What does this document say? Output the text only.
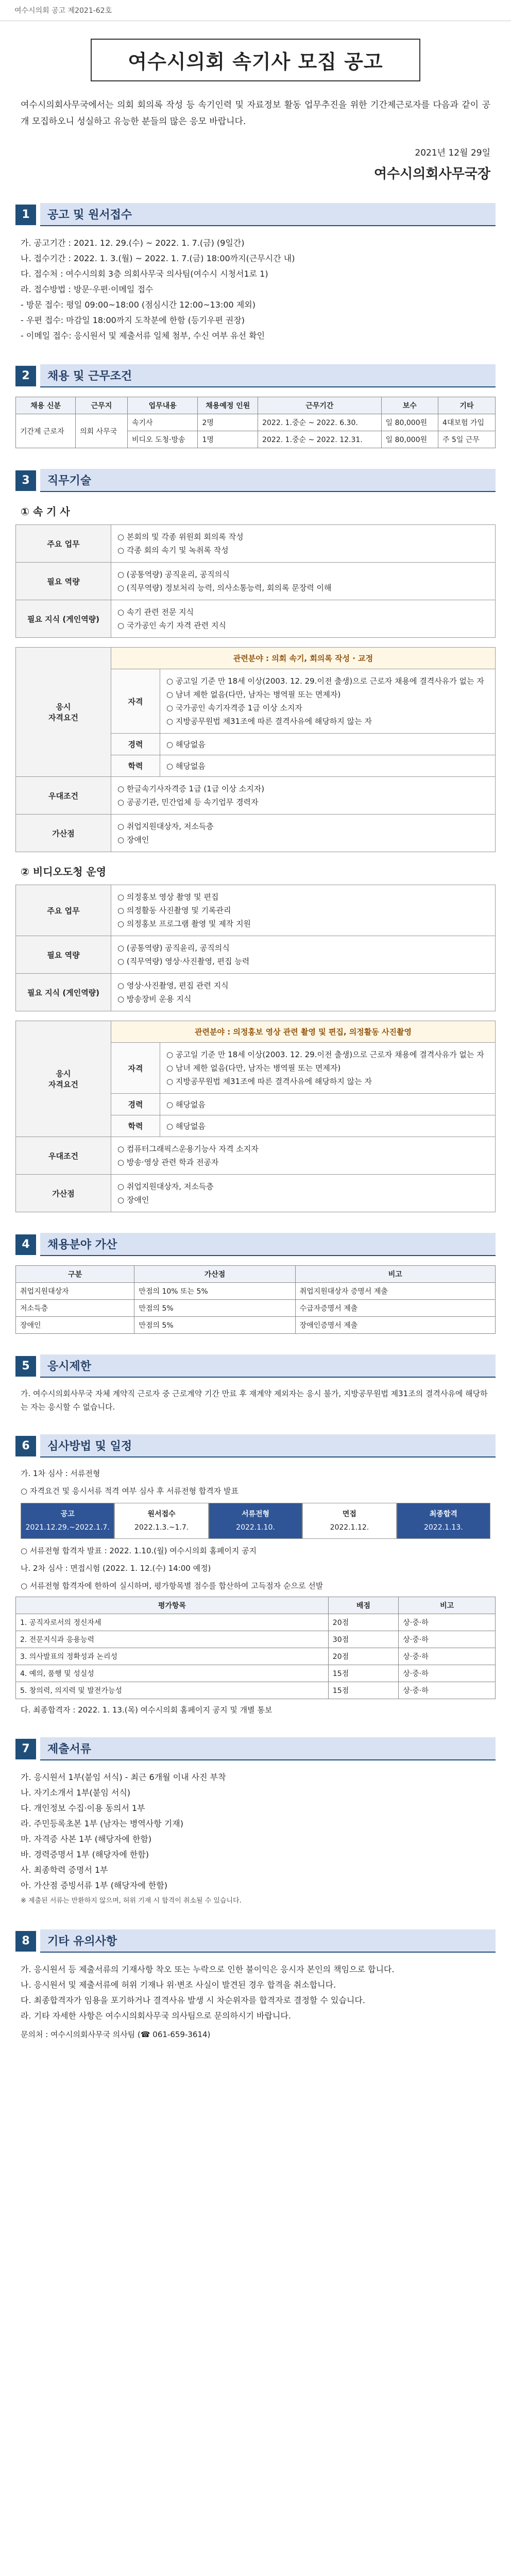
여수시의회 공고 제2021-62호
여수시의회 속기사 모집 공고
여수시의회사무국에서는 의회 회의록 작성 등 속기인력 및 자료정보 활동 업무추진을 위한 기간제근로자를 다음과 같이 공개 모집하오니 성실하고 유능한 분들의 많은 응모 바랍니다.
2021년 12월 29일
여수시의회사무국장
1	공고 및 원서접수
가. 공고기간 : 2021. 12. 29.(수) ~ 2022. 1. 7.(금) (9일간)
나. 접수기간 : 2022. 1. 3.(월) ~ 2022. 1. 7.(금) 18:00까지(근무시간 내)
다. 접수처 : 여수시의회 3층 의회사무국 의사팀(여수시 시청서1로 1)
라. 접수방법 : 방문·우편·이메일 접수
- 방문 접수: 평일 09:00~18:00 (점심시간 12:00~13:00 제외)
- 우편 접수: 마감일 18:00까지 도착분에 한함 (등기우편 권장)
- 이메일 접수: 응시원서 및 제출서류 일체 첨부, 수신 여부 유선 확인
2	채용 및 근무조건
채용 신분	근무지	업무내용	채용예정 인원	근무기간	보수	기타
기간제 근로자	의회 사무국	속기사	2명	2022. 1.중순 ~ 2022. 6.30.	일 80,000원	4대보험 가입
		비디오 도청·방송	1명	2022. 1.중순 ~ 2022. 12.31.	일 80,000원	주 5일 근무
3	직무기술
① 속 기 사
주요 업무	○ 본회의 및 각종 위원회 회의록 작성
○ 각종 회의 속기 및 녹취록 작성

필요 역량	○ (공통역량) 공직윤리, 공직의식
○ (직무역량) 정보처리 능력, 의사소통능력, 회의록 문장력 이해

필요 지식 (게인역량)	○ 속기 관련 전문 지식
○ 국가공인 속기 자격 관련 지식
응시
자격요건	관련분야 : 의회 속기, 회의록 작성 · 교정	
	자격	○ 공고일 기준 만 18세 이상(2003. 12. 29.이전 출생)으로 근로자 채용에 결격사유가 없는 자
○ 남녀 제한 없음(다만, 남자는 병역필 또는 면제자)
○ 국가공인 속기자격증 1급 이상 소지자
○ 지방공무원법 제31조에 따른 결격사유에 해당하지 않는 자

	경력	○ 해당없음
	학력	○ 해당없음
우대조건	○ 한글속기사자격증 1급 (1급 이상 소지자)
○ 공공기관, 민간업체 등 속기업무 경력자	

가산점	○ 취업지원대상자, 저소득층
○ 장애인	
② 비디오도청 운영
주요 업무	○ 의정홍보 영상 촬영 및 편집
○ 의정활동 사진촬영 및 기록관리
○ 의정홍보 프로그램 촬영 및 제작 지원

필요 역량	○ (공통역량) 공직윤리, 공직의식
○ (직무역량) 영상·사진촬영, 편집 능력

필요 지식 (게인역량)	○ 영상·사진촬영, 편집 관련 지식
○ 방송장비 운용 지식
응시
자격요건	관련분야 : 의정홍보 영상 관련 촬영 및 편집, 의정활동 사진촬영	
	자격	○ 공고일 기준 만 18세 이상(2003. 12. 29.이전 출생)으로 근로자 채용에 결격사유가 없는 자
○ 남녀 제한 없음(다만, 남자는 병역필 또는 면제자)
○ 지방공무원법 제31조에 따른 결격사유에 해당하지 않는 자

	경력	○ 해당없음
	학력	○ 해당없음
우대조건	○ 컴퓨터그래픽스운용기능사 자격 소지자
○ 방송·영상 관련 학과 전공자	

가산점	○ 취업지원대상자, 저소득층
○ 장애인	
4	채용분야 가산
구분	가산점	비고
취업지원대상자	만점의 10% 또는 5%	취업지원대상자 증명서 제출
저소득층	만점의 5%	수급자증명서 제출
장애인	만점의 5%	장애인증명서 제출
5	응시제한
가. 여수시의회사무국 자체 계약직 근로자 중 근로계약 기간 만료 후 재계약 제외자는 응시 불가, 지방공무원법 제31조의 결격사유에 해당하는 자는 응시할 수 없습니다.
6	심사방법 및 일정
가. 1차 심사 : 서류전형
○ 자격요건 및 응시서류 적격 여부 심사 후 서류전형 합격자 발표
공고
2021.12.29.~2022.1.7.
원서접수
2022.1.3.~1.7.
서류전형
2022.1.10.
면접
2022.1.12.
최종합격
2022.1.13.
○ 서류전형 합격자 발표 : 2022. 1.10.(월) 여수시의회 홈페이지 공지
나. 2차 심사 : 면접시험 (2022. 1. 12.(수) 14:00 예정)
○ 서류전형 합격자에 한하여 실시하며, 평가항목별 점수를 합산하여 고득점자 순으로 선발
평가항목	배점	비고
1. 공직자로서의 정신자세	20점	상·중·하
2. 전문지식과 응용능력	30점	상·중·하
3. 의사발표의 정확성과 논리성	20점	상·중·하
4. 예의, 품행 및 성실성	15점	상·중·하
5. 창의력, 의지력 및 발전가능성	15점	상·중·하
다. 최종합격자 : 2022. 1. 13.(목) 여수시의회 홈페이지 공지 및 개별 통보
7	제출서류
가. 응시원서 1부(붙임 서식) - 최근 6개월 이내 사진 부착
나. 자기소개서 1부(붙임 서식)
다. 개인정보 수집·이용 동의서 1부
라. 주민등록초본 1부 (남자는 병역사항 기재)
마. 자격증 사본 1부 (해당자에 한함)
바. 경력증명서 1부 (해당자에 한함)
사. 최종학력 증명서 1부
아. 가산점 증빙서류 1부 (해당자에 한함)
※ 제출된 서류는 반환하지 않으며, 허위 기재 시 합격이 취소될 수 있습니다.
8	기타 유의사항
가. 응시원서 등 제출서류의 기재사항 착오 또는 누락으로 인한 불이익은 응시자 본인의 책임으로 합니다.
나. 응시원서 및 제출서류에 허위 기재나 위·변조 사실이 발견된 경우 합격을 취소합니다.
다. 최종합격자가 임용을 포기하거나 결격사유 발생 시 차순위자를 합격자로 결정할 수 있습니다.
라. 기타 자세한 사항은 여수시의회사무국 의사팀으로 문의하시기 바랍니다.
문의처 : 여수시의회사무국 의사팀 (☎ 061-659-3614)
